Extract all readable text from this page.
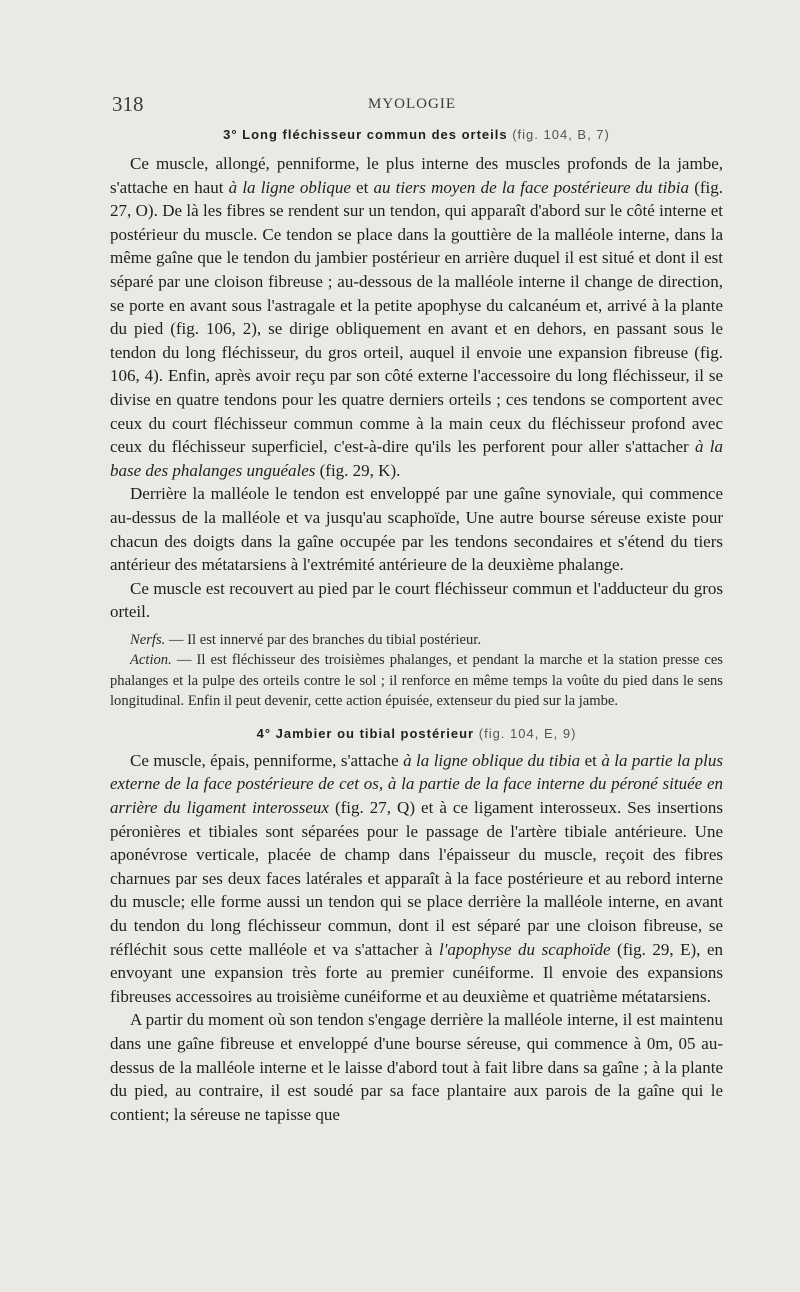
318	MYOLOGIE

3° Long fléchisseur commun des orteils (fig. 104, B, 7)

Ce muscle, allongé, penniforme, le plus interne des muscles profonds de la jambe, s'attache en haut à la ligne oblique et au tiers moyen de la face postérieure du tibia (fig. 27, O). De là les fibres se rendent sur un tendon, qui apparaît d'abord sur le côté interne et postérieur du muscle. Ce tendon se place dans la gouttière de la malléole interne, dans la même gaîne que le tendon du jambier postérieur en arrière duquel il est situé et dont il est séparé par une cloison fibreuse ; au-dessous de la malléole interne il change de direction, se porte en avant sous l'astragale et la petite apophyse du calcanéum et, arrivé à la plante du pied (fig. 106, 2), se dirige obliquement en avant et en dehors, en passant sous le tendon du long fléchisseur, du gros orteil, auquel il envoie une expansion fibreuse (fig. 106, 4). Enfin, après avoir reçu par son côté externe l'accessoire du long fléchisseur, il se divise en quatre tendons pour les quatre derniers orteils ; ces tendons se comportent avec ceux du court fléchisseur commun comme à la main ceux du fléchisseur profond avec ceux du fléchisseur superficiel, c'est-à-dire qu'ils les perforent pour aller s'attacher à la base des phalanges unguéales (fig. 29, K).

Derrière la malléole le tendon est enveloppé par une gaîne synoviale, qui commence au-dessus de la malléole et va jusqu'au scaphoïde, Une autre bourse séreuse existe pour chacun des doigts dans la gaîne occupée par les tendons secondaires et s'étend du tiers antérieur des métatarsiens à l'extrémité antérieure de la deuxième phalange.

Ce muscle est recouvert au pied par le court fléchisseur commun et l'adducteur du gros orteil.

Nerfs. — Il est innervé par des branches du tibial postérieur.

Action. — Il est fléchisseur des troisièmes phalanges, et pendant la marche et la station presse ces phalanges et la pulpe des orteils contre le sol ; il renforce en même temps la voûte du pied dans le sens longitudinal. Enfin il peut devenir, cette action épuisée, extenseur du pied sur la jambe.

4° Jambier ou tibial postérieur (fig. 104, E, 9)

Ce muscle, épais, penniforme, s'attache à la ligne oblique du tibia et à la partie la plus externe de la face postérieure de cet os, à la partie de la face interne du péroné située en arrière du ligament interosseux (fig. 27, Q) et à ce ligament interosseux. Ses insertions péronières et tibiales sont séparées pour le passage de l'artère tibiale antérieure. Une aponévrose verticale, placée de champ dans l'épaisseur du muscle, reçoit des fibres charnues par ses deux faces latérales et apparaît à la face postérieure et au rebord interne du muscle; elle forme aussi un tendon qui se place derrière la malléole interne, en avant du tendon du long fléchisseur commun, dont il est séparé par une cloison fibreuse, se réfléchit sous cette malléole et va s'attacher à l'apophyse du scaphoïde (fig. 29, E), en envoyant une expansion très forte au premier cunéiforme. Il envoie des expansions fibreuses accessoires au troisième cunéiforme et au deuxième et quatrième métatarsiens.

A partir du moment où son tendon s'engage derrière la malléole interne, il est maintenu dans une gaîne fibreuse et enveloppé d'une bourse séreuse, qui commence à 0m, 05 au-dessus de la malléole interne et le laisse d'abord tout à fait libre dans sa gaîne ; à la plante du pied, au contraire, il est soudé par sa face plantaire aux parois de la gaîne qui le contient; la séreuse ne tapisse que
